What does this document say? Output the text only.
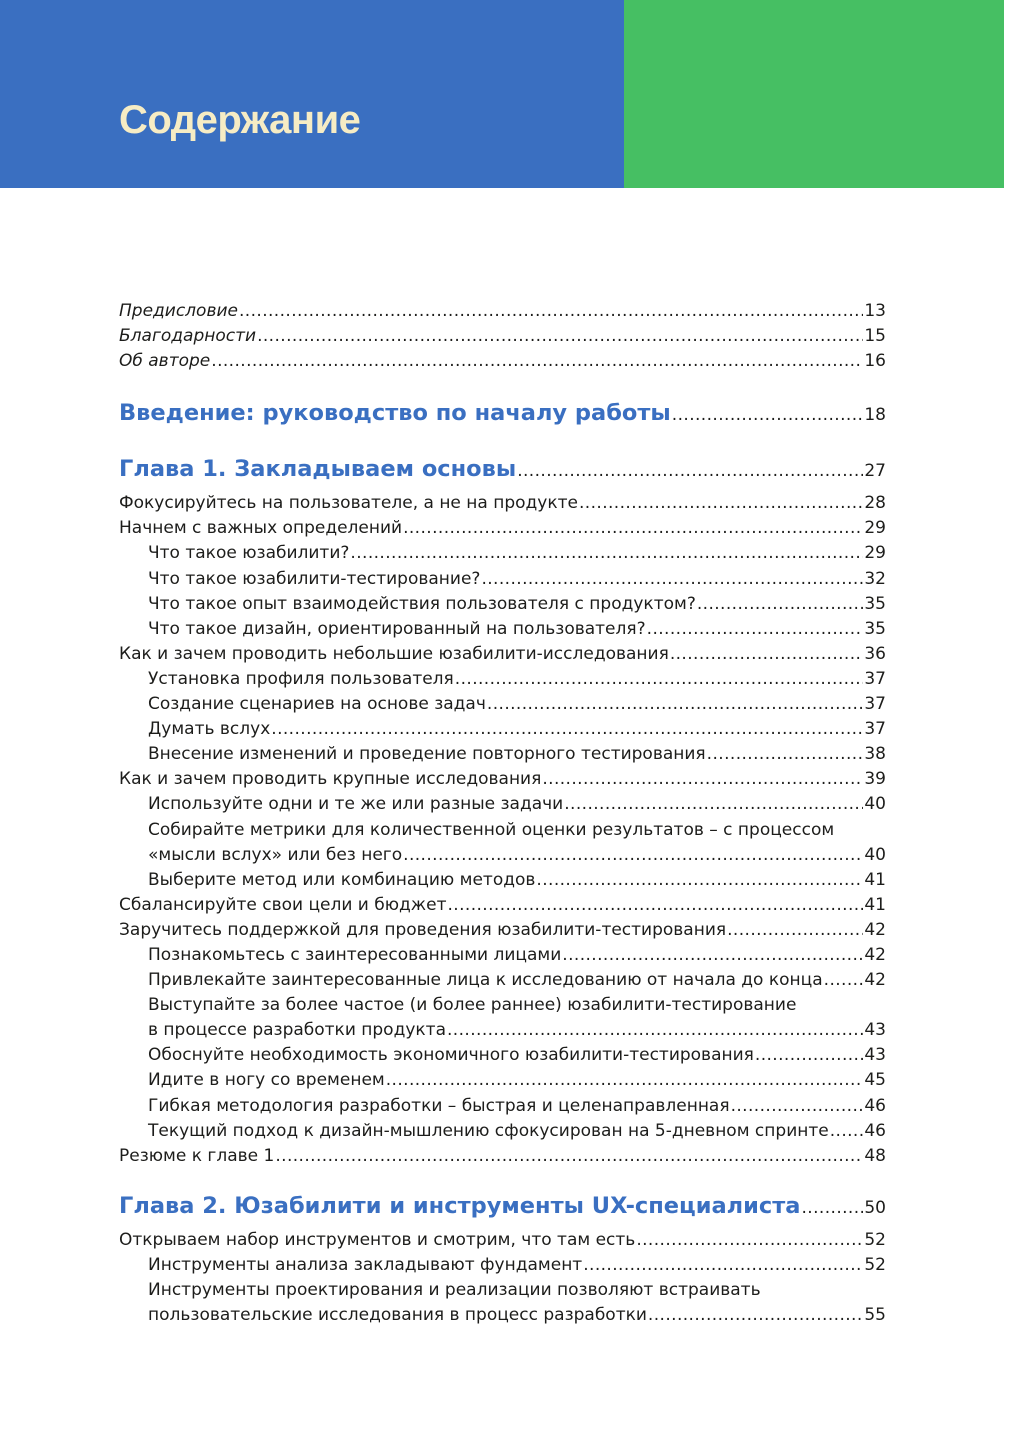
Содержание
Предисловие .....	13
Благодарности .....	15
Об авторе .....	16
Введение: руководство по началу работы .....	18
Глава 1. Закладываем основы .....	27
Фокусируйтесь на пользователе, а не на продукте .....	28
Начнем с важных определений .....	29
Что такое юзабилити? .....	29
Что такое юзабилити-тестирование? .....	32
Что такое опыт взаимодействия пользователя с продуктом? .....	35
Что такое дизайн, ориентированный на пользователя? .....	35
Как и зачем проводить небольшие юзабилити-исследования .....	36
Установка профиля пользователя .....	37
Создание сценариев на основе задач .....	37
Думать вслух .....	37
Внесение изменений и проведение повторного тестирования .....	38
Как и зачем проводить крупные исследования .....	39
Используйте одни и те же или разные задачи .....	40
Собирайте метрики для количественной оценки результатов – с процессом
«мысли вслух» или без него .....	40
Выберите метод или комбинацию методов .....	41
Сбалансируйте свои цели и бюджет .....	41
Заручитесь поддержкой для проведения юзабилити-тестирования .....	42
Познакомьтесь с заинтересованными лицами .....	42
Привлекайте заинтересованные лица к исследованию от начала до конца ..... 42
Выступайте за более частое (и более раннее) юзабилити-тестирование
в процессе разработки продукта .....	43
Обоснуйте необходимость экономичного юзабилити-тестирования .....	43
Идите в ногу со временем .....	45
Гибкая методология разработки – быстрая и целенаправленная .....	46
Текущий подход к дизайн-мышлению сфокусирован на 5-дневном спринте ..... 46
Резюме к главе 1 .....	48
Глава 2. Юзабилити и инструменты UX-специалиста .....	50
Открываем набор инструментов и смотрим, что там есть .....	52
Инструменты анализа закладывают фундамент .....	52
Инструменты проектирования и реализации позволяют встраивать
пользовательские исследования в процесс разработки .....	55
